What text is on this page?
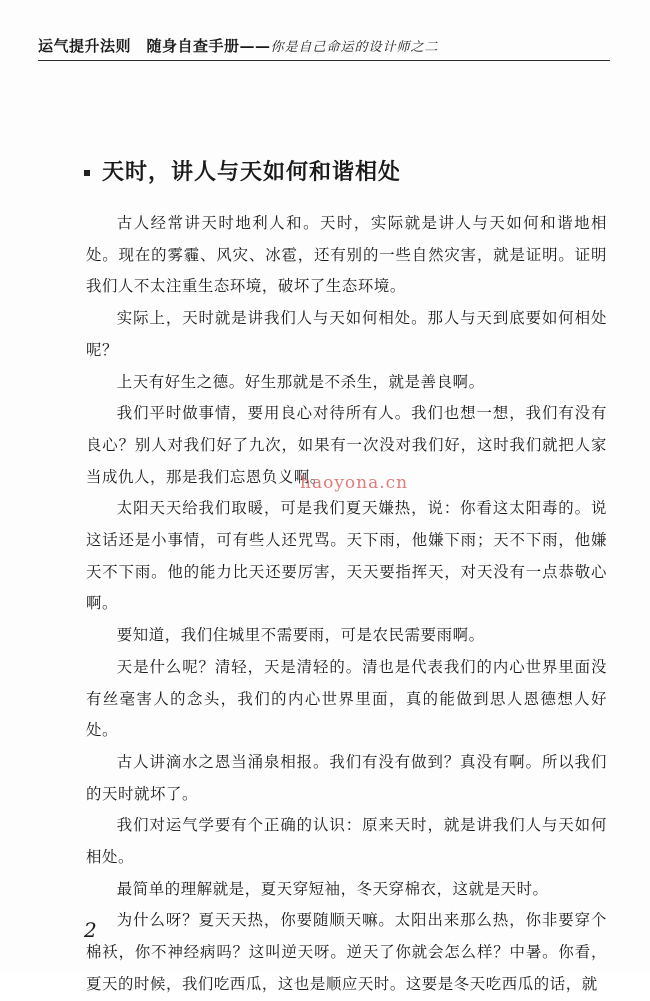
运气提升法则　随身自查手册——你是自己命运的设计师之二
天时，讲人与天如何和谐相处

古人经常讲天时地利人和。天时，实际就是讲人与天如何和谐地相处。现在的雾霾、风灾、冰雹，还有别的一些自然灾害，就是证明。证明我们人不太注重生态环境，破坏了生态环境。

实际上，天时就是讲我们人与天如何相处。那人与天到底要如何相处呢？

上天有好生之德。好生那就是不杀生，就是善良啊。

我们平时做事情，要用良心对待所有人。我们也想一想，我们有没有良心？别人对我们好了九次，如果有一次没对我们好，这时我们就把人家当成仇人，那是我们忘恩负义啊。

太阳天天给我们取暖，可是我们夏天嫌热，说：你看这太阳毒的。说这话还是小事情，可有些人还咒骂。天下雨，他嫌下雨；天不下雨，他嫌天不下雨。他的能力比天还要厉害，天天要指挥天，对天没有一点恭敬心啊。

要知道，我们住城里不需要雨，可是农民需要雨啊。

天是什么呢？清轻，天是清轻的。清也是代表我们的内心世界里面没有丝毫害人的念头，我们的内心世界里面，真的能做到思人恩德想人好处。

古人讲滴水之恩当涌泉相报。我们有没有做到？真没有啊。所以我们的天时就坏了。

我们对运气学要有个正确的认识：原来天时，就是讲我们人与天如何相处。

最简单的理解就是，夏天穿短袖，冬天穿棉衣，这就是天时。

为什么呀？夏天天热，你要随顺天嘛。太阳出来那么热，你非要穿个棉袄，你不神经病吗？这叫逆天呀。逆天了你就会怎么样？中暑。你看，夏天的时候，我们吃西瓜，这也是顺应天时。这要是冬天吃西瓜的话，就

haoyona.cn
2
